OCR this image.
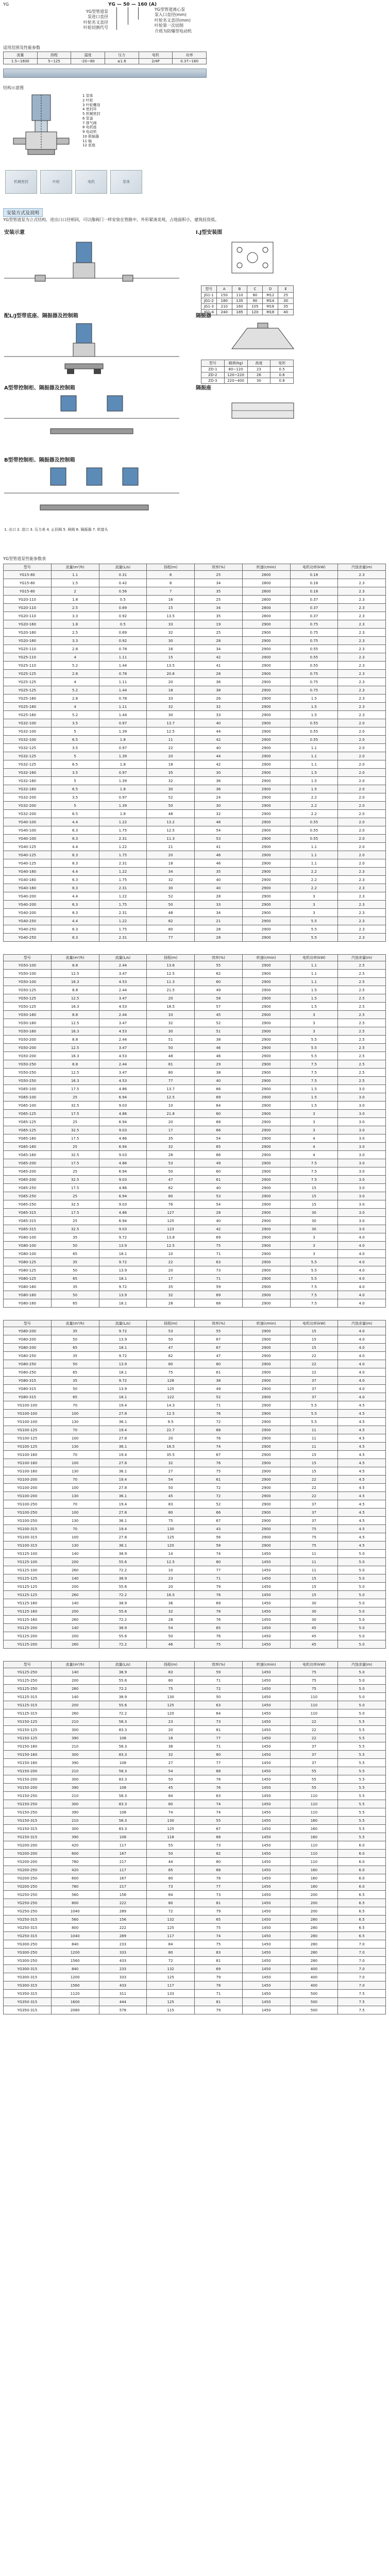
YG	YG — 50 — 160 (A)
YG型管道泵
泵进口直径
叶轮名义直径
叶轮切割代号
YG型管道离心泵
泵入口直径(mm)
叶轮名义直径(mm)
叶轮第一次切削
介质为防爆型电动机
适用范围及性能参数
流量	扬程	温度	压力	电机	功率
1.5~1600	5~125	-20~80	≤1.6	2/4P	0.37~160
结构示意图
1 泵体
2 叶轮
3 叶轮螺母
4 密封环
5 机械密封
6 泵盖
7 排气阀
8 电机座
9 电动机
10 联轴器
11 轴
12 底座
机械密封	叶轮	电机	泵体
安装方式及说明
YG型管道泵为立式结构，进出口口径相同，可以像阀门一样安装在管路中，外形紧凑美观，占地面积小，建筑投资低。
安装示意	I.J型安装图
型号	A	B	C	D	E
JG1-1	150	110	80	M12	25
JG1-2	180	135	90	M14	30
JG1-3	210	160	105	M16	35
JG1-4	240	185	120	M18	40
配L/J型带底座、隔振器及控制箱	隔振器
型号	载荷(kg)	高度	变形
ZD-1	80~120	23	0.5
ZD-2	120~220	26	0.6
ZD-3	220~400	30	0.8
A型带控制柜、隔振器及控制箱	隔振座
B型带控制柜、隔振器及控制箱
1. 出口 2. 进口 3. 压力表 4. 止回阀 5. 闸阀 6. 隔振器 7. 软接头
YG型管道泵性能参数表
型号	流量(m³/h)	流量(L/s)	扬程(m)	效率(%)	转速(r/min)	电机功率(kW)	汽蚀余量(m)
YG15-80	1.1	0.31	8	25	2800	0.18	2.3
YG15-80	1.5	0.42	8	34	2800	0.18	2.3
YG15-80	2	0.56	7	35	2800	0.18	2.3
YG20-110	1.8	0.5	16	25	2800	0.37	2.3
YG20-110	2.5	0.69	15	34	2800	0.37	2.3
YG20-110	3.3	0.92	13.5	35	2800	0.37	2.3
YG20-160	1.8	0.5	33	19	2900	0.75	2.3
YG20-160	2.5	0.69	32	25	2900	0.75	2.3
YG20-160	3.3	0.92	30	28	2900	0.75	2.3
YG25-110	2.8	0.78	16	34	2900	0.55	2.3
YG25-110	4	1.11	15	42	2900	0.55	2.3
YG25-110	5.2	1.44	13.5	41	2900	0.55	2.3
YG25-125	2.8	0.78	20.6	28	2900	0.75	2.3
YG25-125	4	1.11	20	36	2900	0.75	2.3
YG25-125	5.2	1.44	18	38	2900	0.75	2.3
YG25-160	2.8	0.78	33	26	2900	1.5	2.3
YG25-160	4	1.11	32	32	2900	1.5	2.3
YG25-160	5.2	1.44	30	33	2900	1.5	2.3
YG32-100	3.5	0.97	13.7	40	2900	0.55	2.0
YG32-100	5	1.39	12.5	44	2900	0.55	2.0
YG32-100	6.5	1.8	11	42	2900	0.55	2.0
YG32-125	3.5	0.97	22	40	2900	1.1	2.0
YG32-125	5	1.39	20	44	2900	1.1	2.0
YG32-125	6.5	1.8	18	42	2900	1.1	2.0
YG32-160	3.5	0.97	35	30	2900	1.5	2.0
YG32-160	5	1.39	32	36	2900	1.5	2.0
YG32-160	6.5	1.8	30	36	2900	1.5	2.0
YG32-200	3.5	0.97	52	24	2900	2.2	2.0
YG32-200	5	1.39	50	30	2900	2.2	2.0
YG32-200	6.5	1.8	48	32	2900	2.2	2.0
YG40-100	4.4	1.22	13.2	48	2900	0.55	2.0
YG40-100	6.3	1.75	12.5	54	2900	0.55	2.0
YG40-100	8.3	2.31	11.3	53	2900	0.55	2.0
YG40-125	4.4	1.22	21	41	2900	1.1	2.0
YG40-125	6.3	1.75	20	46	2900	1.1	2.0
YG40-125	8.3	2.31	18	46	2900	1.1	2.0
YG40-160	4.4	1.22	34	35	2900	2.2	2.3
YG40-160	6.3	1.75	32	40	2900	2.2	2.3
YG40-160	8.3	2.31	30	40	2900	2.2	2.3
YG40-200	4.4	1.22	52	28	2900	3	2.3
YG40-200	6.3	1.75	50	33	2900	3	2.3
YG40-200	8.3	2.31	48	34	2900	3	2.3
YG40-250	4.4	1.22	82	21	2900	5.5	2.3
YG40-250	6.3	1.75	80	28	2900	5.5	2.3
YG40-250	8.3	2.31	77	28	2900	5.5	2.3
型号	流量(m³/h)	流量(L/s)	扬程(m)	效率(%)	转速(r/min)	电机功率(kW)	汽蚀余量(m)
YG50-100	8.8	2.44	13.6	55	2900	1.1	2.5
YG50-100	12.5	3.47	12.5	62	2900	1.1	2.5
YG50-100	16.3	4.53	11.3	60	2900	1.1	2.5
YG50-125	8.8	2.44	21.5	49	2900	1.5	2.5
YG50-125	12.5	3.47	20	58	2900	1.5	2.5
YG50-125	16.3	4.53	18.5	57	2900	1.5	2.5
YG50-160	8.8	2.44	33	45	2900	3	2.5
YG50-160	12.5	3.47	32	52	2900	3	2.5
YG50-160	16.3	4.53	30	51	2900	3	2.5
YG50-200	8.8	2.44	51	38	2900	5.5	2.5
YG50-200	12.5	3.47	50	46	2900	5.5	2.5
YG50-200	16.3	4.53	48	46	2900	5.5	2.5
YG50-250	8.8	2.44	81	29	2900	7.5	2.5
YG50-250	12.5	3.47	80	38	2900	7.5	2.5
YG50-250	16.3	4.53	77	40	2900	7.5	2.5
YG65-100	17.5	4.86	13.7	66	2900	1.5	3.0
YG65-100	25	6.94	12.5	69	2900	1.5	3.0
YG65-100	32.5	9.03	10	64	2900	1.5	3.0
YG65-125	17.5	4.86	21.8	60	2900	3	3.0
YG65-125	25	6.94	20	68	2900	3	3.0
YG65-125	32.5	9.03	17	66	2900	3	3.0
YG65-160	17.5	4.86	35	54	2900	4	3.0
YG65-160	25	6.94	32	65	2900	4	3.0
YG65-160	32.5	9.03	28	66	2900	4	3.0
YG65-200	17.5	4.86	53	49	2900	7.5	3.0
YG65-200	25	6.94	50	60	2900	7.5	3.0
YG65-200	32.5	9.03	47	61	2900	7.5	3.0
YG65-250	17.5	4.86	82	40	2900	15	3.0
YG65-250	25	6.94	80	53	2900	15	3.0
YG65-250	32.5	9.03	76	54	2900	15	3.0
YG65-315	17.5	4.86	127	28	2900	30	3.0
YG65-315	25	6.94	125	40	2900	30	3.0
YG65-315	32.5	9.03	123	42	2900	30	3.0
YG80-100	35	9.72	13.8	69	2900	3	4.0
YG80-100	50	13.9	12.5	75	2900	3	4.0
YG80-100	65	18.1	10	71	2900	3	4.0
YG80-125	35	9.72	22	63	2900	5.5	4.0
YG80-125	50	13.9	20	73	2900	5.5	4.0
YG80-125	65	18.1	17	71	2900	5.5	4.0
YG80-160	35	9.72	35	59	2900	7.5	4.0
YG80-160	50	13.9	32	69	2900	7.5	4.0
YG80-160	65	18.1	28	68	2900	7.5	4.0
型号	流量(m³/h)	流量(L/s)	扬程(m)	效率(%)	转速(r/min)	电机功率(kW)	汽蚀余量(m)
YG80-200	35	9.72	53	55	2900	15	4.0
YG80-200	50	13.9	50	67	2900	15	4.0
YG80-200	65	18.1	47	67	2900	15	4.0
YG80-250	35	9.72	82	47	2900	22	4.0
YG80-250	50	13.9	80	60	2900	22	4.0
YG80-250	65	18.1	75	61	2900	22	4.0
YG80-315	35	9.72	128	38	2900	37	4.0
YG80-315	50	13.9	125	49	2900	37	4.0
YG80-315	65	18.1	122	52	2900	37	4.0
YG100-100	70	19.4	14.3	71	2900	5.5	4.5
YG100-100	100	27.8	12.5	76	2900	5.5	4.5
YG100-100	130	36.1	9.5	72	2900	5.5	4.5
YG100-125	70	19.4	22.7	68	2900	11	4.5
YG100-125	100	27.8	20	76	2900	11	4.5
YG100-125	130	36.1	16.5	74	2900	11	4.5
YG100-160	70	19.4	35.5	67	2900	15	4.5
YG100-160	100	27.8	32	76	2900	15	4.5
YG100-160	130	36.1	27	75	2900	15	4.5
YG100-200	70	19.4	54	61	2900	22	4.5
YG100-200	100	27.8	50	72	2900	22	4.5
YG100-200	130	36.1	45	72	2900	22	4.5
YG100-250	70	19.4	83	52	2900	37	4.5
YG100-250	100	27.8	80	66	2900	37	4.5
YG100-250	130	36.1	75	67	2900	37	4.5
YG100-315	70	19.4	130	43	2900	75	4.5
YG100-315	100	27.8	125	56	2900	75	4.5
YG100-315	130	36.1	120	58	2900	75	4.5
YG125-100	140	38.9	14	74	1450	11	5.0
YG125-100	200	55.6	12.5	80	1450	11	5.0
YG125-100	260	72.2	10	77	1450	11	5.0
YG125-125	140	38.9	23	71	1450	15	5.0
YG125-125	200	55.6	20	79	1450	15	5.0
YG125-125	260	72.2	16.5	76	1450	15	5.0
YG125-160	140	38.9	36	69	1450	30	5.0
YG125-160	200	55.6	32	78	1450	30	5.0
YG125-160	260	72.2	28	76	1450	30	5.0
YG125-200	140	38.9	54	65	1450	45	5.0
YG125-200	200	55.6	50	76	1450	45	5.0
YG125-200	260	72.2	46	75	1450	45	5.0
型号	流量(m³/h)	流量(L/s)	扬程(m)	效率(%)	转速(r/min)	电机功率(kW)	汽蚀余量(m)
YG125-250	140	38.9	83	59	1450	75	5.0
YG125-250	200	55.6	80	71	1450	75	5.0
YG125-250	260	72.2	75	72	1450	75	5.0
YG125-315	140	38.9	130	50	1450	110	5.0
YG125-315	200	55.6	125	63	1450	110	5.0
YG125-315	260	72.2	120	64	1450	110	5.0
YG150-125	210	58.3	23	73	1450	22	5.5
YG150-125	300	83.3	20	81	1450	22	5.5
YG150-125	390	108	16	77	1450	22	5.5
YG150-160	210	58.3	36	71	1450	37	5.5
YG150-160	300	83.3	32	80	1450	37	5.5
YG150-160	390	108	27	77	1450	37	5.5
YG150-200	210	58.3	54	68	1450	55	5.5
YG150-200	300	83.3	50	78	1450	55	5.5
YG150-200	390	108	45	76	1450	55	5.5
YG150-250	210	58.3	84	63	1450	110	5.5
YG150-250	300	83.3	80	74	1450	110	5.5
YG150-250	390	108	74	74	1450	110	5.5
YG150-315	210	58.3	130	55	1450	160	5.5
YG150-315	300	83.3	125	67	1450	160	5.5
YG150-315	390	108	118	68	1450	160	5.5
YG200-200	420	117	55	73	1450	110	6.0
YG200-200	600	167	50	82	1450	110	6.0
YG200-200	780	217	44	80	1450	110	6.0
YG200-250	420	117	85	68	1450	160	6.0
YG200-250	600	167	80	78	1450	160	6.0
YG200-250	780	217	73	77	1450	160	6.0
YG250-250	560	156	84	73	1450	200	6.5
YG250-250	800	222	80	81	1450	200	6.5
YG250-250	1040	289	72	79	1450	200	6.5
YG250-315	560	156	132	65	1450	280	6.5
YG250-315	800	222	125	75	1450	280	6.5
YG250-315	1040	289	117	74	1450	280	6.5
YG300-250	840	233	84	75	1450	280	7.0
YG300-250	1200	333	80	83	1450	280	7.0
YG300-250	1560	433	72	81	1450	280	7.0
YG300-315	840	233	132	69	1450	400	7.0
YG300-315	1200	333	125	79	1450	400	7.0
YG300-315	1560	433	117	78	1450	400	7.0
YG350-315	1120	311	133	71	1450	500	7.5
YG350-315	1600	444	125	81	1450	500	7.5
YG350-315	2080	578	115	79	1450	500	7.5
